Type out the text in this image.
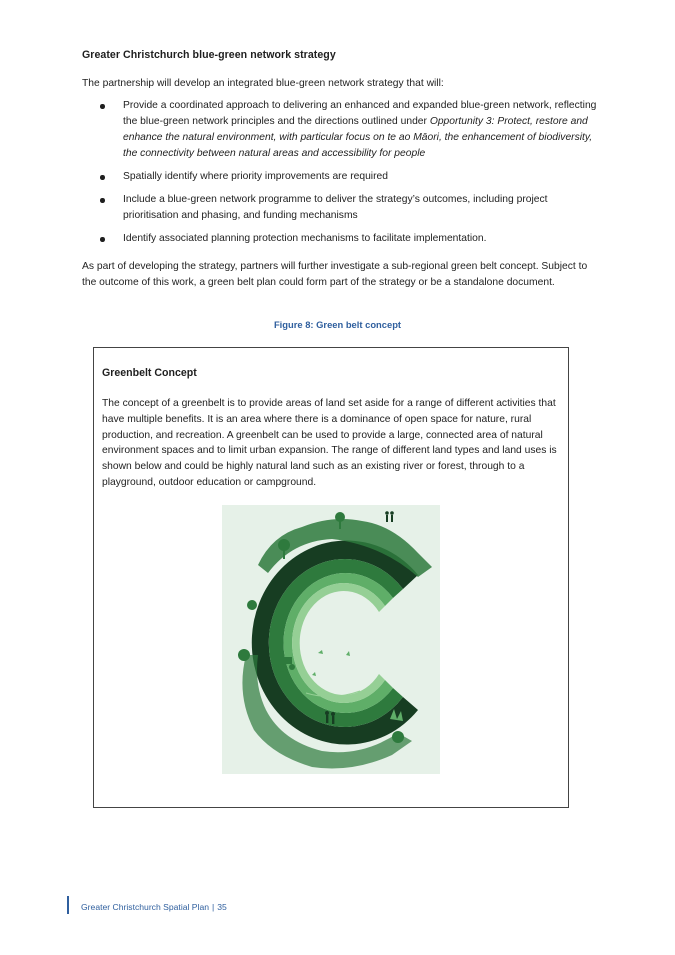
Greater Christchurch blue-green network strategy
The partnership will develop an integrated blue-green network strategy that will:
Provide a coordinated approach to delivering an enhanced and expanded blue-green network, reflecting the blue-green network principles and the directions outlined under Opportunity 3: Protect, restore and enhance the natural environment, with particular focus on te ao Māori, the enhancement of biodiversity, the connectivity between natural areas and accessibility for people
Spatially identify where priority improvements are required
Include a blue-green network programme to deliver the strategy’s outcomes, including project prioritisation and phasing, and funding mechanisms
Identify associated planning protection mechanisms to facilitate implementation.
As part of developing the strategy, partners will further investigate a sub-regional green belt concept. Subject to the outcome of this work, a green belt plan could form part of the strategy or be a standalone document.
Figure 8: Green belt concept
Greenbelt Concept
The concept of a greenbelt is to provide areas of land set aside for a range of different activities that have multiple benefits. It is an area where there is a dominance of open space for nature, rural production, and recreation. A greenbelt can be used to provide a large, connected area of natural environment spaces and to limit urban expansion. The range of different land types and land uses is shown below and could be highly natural land such as an existing river or forest, through to a playground, outdoor education or campground.
Greater Christchurch Spatial Plan | 35
